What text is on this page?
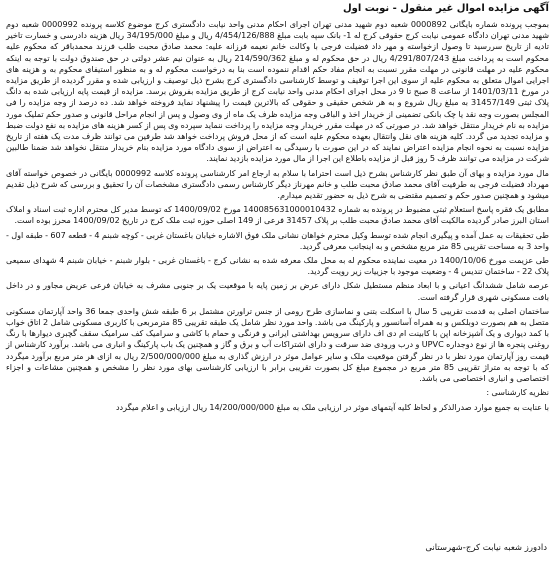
آگهی مزایده اموال غیر منقول - نوبت اول

بموجب پرونده شماره بایگانی 0000892 شعبه دوم شهید مدنی تهران اجرای احکام مدنی واحد نیابت دادگستری کرج موضوع کلاسه پرونده 0000992 شعبه دوم شهید مدنی تهران دادگاه عمومی نیابت کرج حقوقی کرج له 1- بانک سپه بابت مبلغ 4/454/126/888 ریال و مبلغ 34/195/000 ریال هزینه دادرسی و خسارت تاخیر تادیه از تاریخ سررسید تا وصول ازخواسته و مهر داد فضیلت فرجی با وکالت خانم نعیمه فرزانه علیه: محمد صادق محبت طلب فرزند محمدباقر که محکوم علیه محکوم است به پرداخت مبلغ 4/291/807/243 ریال در حق محکوم له و مبلغ 214/590/362 ریال به عنوان نیم عشر دولتی در حق صندوق دولت با توجه به اینکه محکوم علیه در مهلت قانونی در مهلت مقرر نسبت به انجام مفاد حکم اقدام ننموده است بنا به درخواست محکوم له و به منظور استیفای محکوم به و هزینه های اجرایی اموال متعلق به محکوم علیه از سوی این اجرا توقیف و توسط کارشناسی دادگستری کرج بشرح ذیل توصیف و ارزیابی شده و مقرر گردیده از طریق مزایده در مورخ 1401/03/11 از ساعت 8 صبح تا 9 در محل اجرای احکام مدنی واحد نیابت کرج از طریق مزایده بفروش برسد. مزایده از قیمت پایه ارزیابی شده به دانگ پلاک ثبتی 31457/149 به مبلغ ریال شروع و به هر شخص حقیقی و حقوقی که بالاترین قیمت را پیشنهاد نماید فروخته خواهد شد. ده درصد از وجه مزایده را فی المجلس بصورت وجه نقد یا چک بانکی تضمینی از خریدار اخذ و الباقی وجه مزایده ظرف یک ماه از وی وصول و پس از انجام مراحل قانونی و صدور حکم تملیک مورد مزایده به نام خریدار منتقل خواهد شد. در صورتی که در مهلت مقرر خریدار وجه مزایده را پرداخت ننماید سپرده وی پس از کسر هزینه های مزایده به نفع دولت ضبط و مزایده تجدید می گردد. کلیه هزینه های نقل وانتقال بعهده محکوم علیه است که از محل فروش پرداخت خواهد شد طرفین می توانند ظرف مدت یک هفته از تاریخ مزایده نسبت به نحوه انجام مزایده اعتراض نمایند که در این صورت با رسیدگی به اعتراض از سوی دادگاه مورد مزایده بنام خریدار منتقل نخواهد شد ضمنا طالبین شرکت در مزایده می توانند ظرف 5 روز قبل از مزایده باطلاع این اجرا از مال مورد مزایده بازدید نمایند.

مال مورد مزایده و بهای آن طبق نظر کارشناس بشرح ذیل است احتراما با سلام به ارجاع امر کارشناسی پرونده کلاسه 0000992 بایگانی در خصوص خواسته آقای مهرداد فضیلت فرجی به طرفیت آقای محمد صادق محبت طلب و خانم مهرناز دیگر کارشناس رسمی دادگستری مشخصات آن را تحقیق و بررسی که شرح ذیل تقدیم میشود و همچنین صدور حکم و تصمیم مقتضی به شرح ذیل به حضور تقدیم میدارم.

مطابق یک فقره پاسخ استعلام ثبتی مضبوط در پرونده به شماره 140085631000010432 مورخ 1400/09/02 که توسط مدیر کل محترم اداره ثبت اسناد و املاک استان البرز صادر گردیده مالکیت آقای محمد صادق محبت طلب بر پلاک 31457 فرعی از 149 اصلی حوزه ثبت ملک کرج در تاریخ 1400/09/02 محرز بوده است.

طی تحقیقات به عمل آمده و پیگیری انجام شده توسط وکیل محترم خواهان نشانی ملک فوق الاشاره خیابان باغستان غربی - کوچه شبنم 4 - قطعه 607 - طبقه اول - واحد 3 به مساحت تقریبی 85 متر مربع مشخص و به اینجانب معرفی گردید.

طی عزیمت مورخ 1400/10/06 در معیت نماینده محکوم له به محل ملک معرفه شده به نشانی کرج - باغستان غربی - بلوار شبنم - خیابان شبنم 4 شهدای سمیعی پلاک 22 - ساختمان تندیس 4 - وضعیت موجود با جزییات زیر رویت گردید.

عرصه شامل ششدانگ اعیانی و با ابعاد منظم مستطیل شکل دارای عرض بر زمین پایه با موقعیت یک بر جنوبی مشرف به خیابان فرعی عریض مجاور و در داخل بافت مسکونی شهری قرار گرفته است.

ساختمان اصلی به قدمت تقریبی 5 سال با اسکلت بتنی و نماسازی طرح رومی از جنس تراورتن مشتمل بر 6 طبقه شش واحدی جمعا 36 واحد آپارتمان مسکونی متصل به هم بصورت دوبلکس و به همراه آسانسور و پارکینگ می باشد. واحد مورد نظر شامل یک طبقه تقریبی 85 مترمربعی با کاربری مسکونی شامل 2 اتاق خواب با کمد دیواری و یک آشپزخانه اپن با کابینت ام دی اف دارای سرویس بهداشتی ایرانی و فرنگی و حمام با کاشی و سرامیک کف سرامیک سقف گچبری دیوارها با رنگ روغنی پنجره ها از نوع دوجداره UPVC و درب ورودی ضد سرقت و دارای اشتراکات آب و برق و گاز و همچنین یک باب پارکینگ و انباری می باشد. برآورد کارشناس از قیمت روز آپارتمان مورد نظر با در نظر گرفتن موقعیت ملک و سایر عوامل موثر در ارزش گذاری به مبلغ 2/500/000/000 ریال به ازای هر متر مربع برآورد میگردد که با توجه به متراژ تقریبی 85 متر مربع در مجموع مبلغ کل بصورت تقریبی برابر با ارزیابی کارشناسی بهای مورد نظر را مشخص و همچنین مشاعات و اجزاء اختصاصی و انباری اختصاصی می باشد.

نظریه کارشناسی :

با عنایت به جمیع موارد صدرالذکر و لحاظ کلیه آیتمهای موثر در ارزیابی ملک به مبلغ 14/200/000/000 ریال ارزیابی و اعلام میگردد

دادورز شعبه نیابت کرج-شهرستانی
